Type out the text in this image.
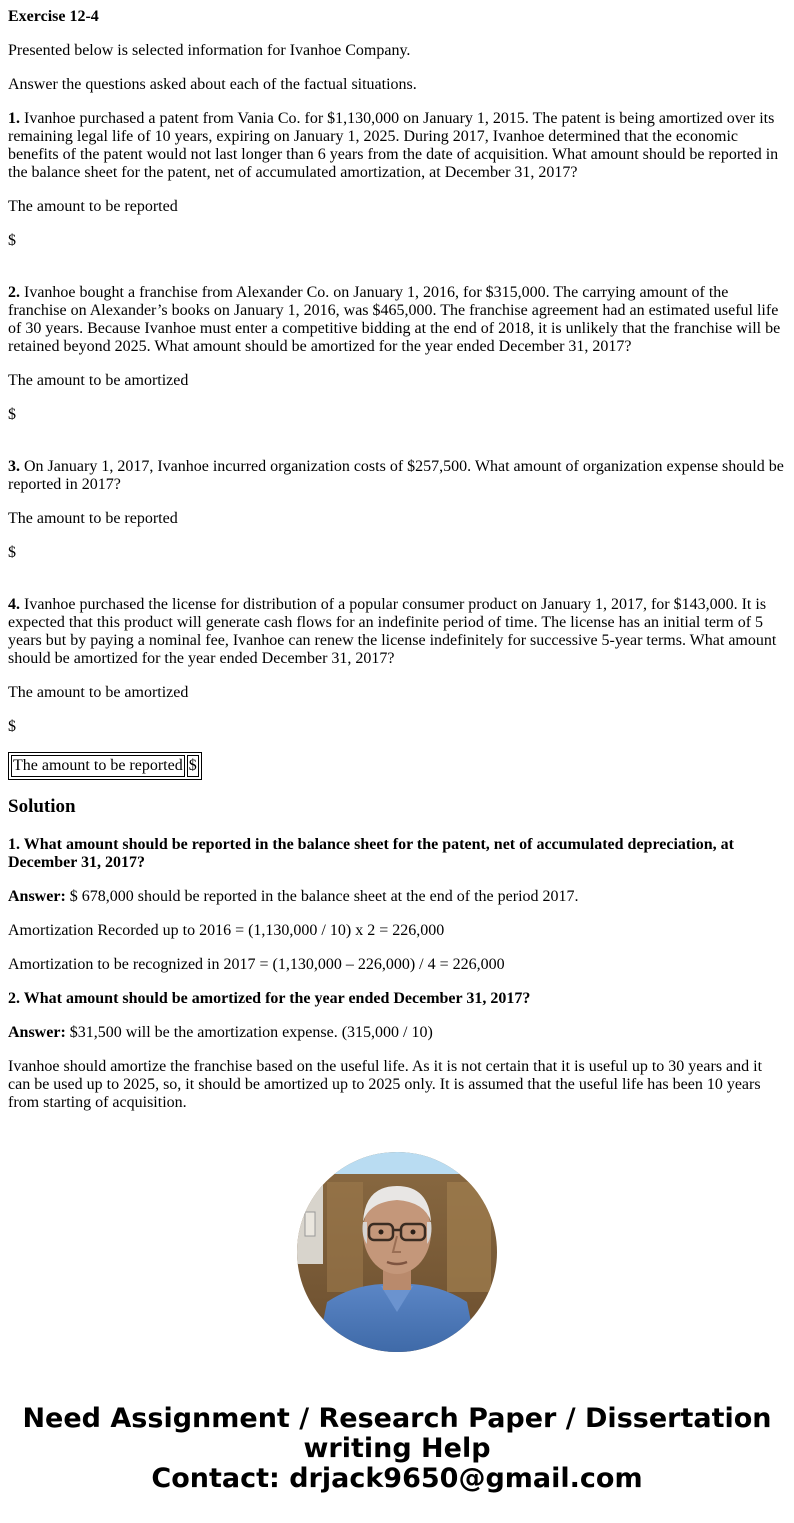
Exercise 12-4

Presented below is selected information for Ivanhoe Company.

Answer the questions asked about each of the factual situations.

1. Ivanhoe purchased a patent from Vania Co. for $1,130,000 on January 1, 2015. The patent is being amortized over its remaining legal life of 10 years, expiring on January 1, 2025. During 2017, Ivanhoe determined that the economic benefits of the patent would not last longer than 6 years from the date of acquisition. What amount should be reported in the balance sheet for the patent, net of accumulated amortization, at December 31, 2017?

The amount to be reported

$

2. Ivanhoe bought a franchise from Alexander Co. on January 1, 2016, for $315,000. The carrying amount of the franchise on Alexander’s books on January 1, 2016, was $465,000. The franchise agreement had an estimated useful life of 30 years. Because Ivanhoe must enter a competitive bidding at the end of 2018, it is unlikely that the franchise will be retained beyond 2025. What amount should be amortized for the year ended December 31, 2017?

The amount to be amortized

$

3. On January 1, 2017, Ivanhoe incurred organization costs of $257,500. What amount of organization expense should be reported in 2017?

The amount to be reported

$

4. Ivanhoe purchased the license for distribution of a popular consumer product on January 1, 2017, for $143,000. It is expected that this product will generate cash flows for an indefinite period of time. The license has an initial term of 5 years but by paying a nominal fee, Ivanhoe can renew the license indefinitely for successive 5-year terms. What amount should be amortized for the year ended December 31, 2017?

The amount to be amortized

$

The amount to be reported	$
Solution

1. What amount should be reported in the balance sheet for the patent, net of accumulated depreciation, at December 31, 2017?

Answer: $ 678,000 should be reported in the balance sheet at the end of the period 2017.

Amortization Recorded up to 2016 = (1,130,000 / 10) x 2 = 226,000

Amortization to be recognized in 2017 = (1,130,000 – 226,000) / 4 = 226,000

2. What amount should be amortized for the year ended December 31, 2017?

Answer: $31,500 will be the amortization expense. (315,000 / 10)

Ivanhoe should amortize the franchise based on the useful life. As it is not certain that it is useful up to 30 years and it can be used up to 2025, so, it should be amortized up to 2025 only. It is assumed that the useful life has been 10 years from starting of acquisition.

Need Assignment / Research Paper / Dissertation
writing Help
Contact: drjack9650@gmail.com
